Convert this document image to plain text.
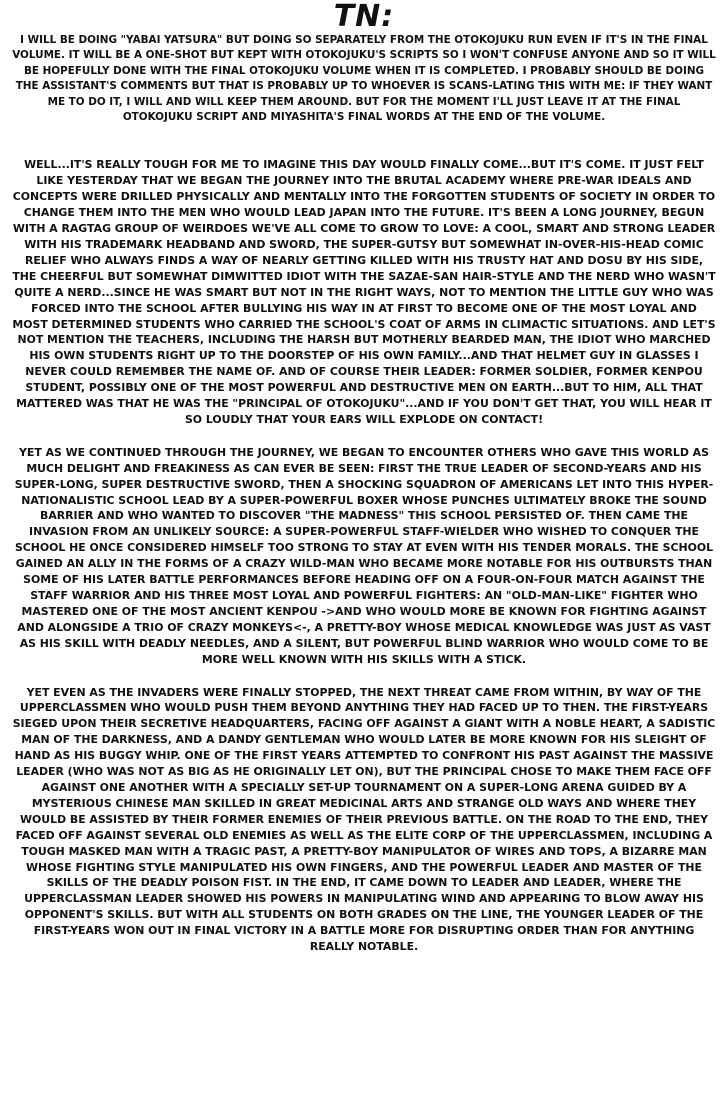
TN:

I WILL BE DOING "YABAI YATSURA" BUT DOING SO SEPARATELY FROM THE OTOKOJUKU RUN EVEN IF IT'S IN THE FINAL VOLUME. IT WILL BE A ONE-SHOT BUT KEPT WITH OTOKOJUKU'S SCRIPTS SO I WON'T CONFUSE ANYONE AND SO IT WILL BE HOPEFULLY DONE WITH THE FINAL OTOKOJUKU VOLUME WHEN IT IS COMPLETED. I PROBABLY SHOULD BE DOING THE ASSISTANT'S COMMENTS BUT THAT IS PROBABLY UP TO WHOEVER IS SCANS-LATING THIS WITH ME: IF THEY WANT ME TO DO IT, I WILL AND WILL KEEP THEM AROUND. BUT FOR THE MOMENT I'LL JUST LEAVE IT AT THE FINAL OTOKOJUKU SCRIPT AND MIYASHITA'S FINAL WORDS AT THE END OF THE VOLUME.

WELL...IT'S REALLY TOUGH FOR ME TO IMAGINE THIS DAY WOULD FINALLY COME...BUT IT'S COME. IT JUST FELT LIKE YESTERDAY THAT WE BEGAN THE JOURNEY INTO THE BRUTAL ACADEMY WHERE PRE-WAR IDEALS AND CONCEPTS WERE DRILLED PHYSICALLY AND MENTALLY INTO THE FORGOTTEN STUDENTS OF SOCIETY IN ORDER TO CHANGE THEM INTO THE MEN WHO WOULD LEAD JAPAN INTO THE FUTURE. IT'S BEEN A LONG JOURNEY, BEGUN WITH A RAGTAG GROUP OF WEIRDOES WE'VE ALL COME TO GROW TO LOVE: A COOL, SMART AND STRONG LEADER WITH HIS TRADEMARK HEADBAND AND SWORD, THE SUPER-GUTSY BUT SOMEWHAT IN-OVER-HIS-HEAD COMIC RELIEF WHO ALWAYS FINDS A WAY OF NEARLY GETTING KILLED WITH HIS TRUSTY HAT AND DOSU BY HIS SIDE, THE CHEERFUL BUT SOMEWHAT DIMWITTED IDIOT WITH THE SAZAE-SAN HAIR-STYLE AND THE NERD WHO WASN'T QUITE A NERD...SINCE HE WAS SMART BUT NOT IN THE RIGHT WAYS, NOT TO MENTION THE LITTLE GUY WHO WAS FORCED INTO THE SCHOOL AFTER BULLYING HIS WAY IN AT FIRST TO BECOME ONE OF THE MOST LOYAL AND MOST DETERMINED STUDENTS WHO CARRIED THE SCHOOL'S COAT OF ARMS IN CLIMACTIC SITUATIONS. AND LET'S NOT MENTION THE TEACHERS, INCLUDING THE HARSH BUT MOTHERLY BEARDED MAN, THE IDIOT WHO MARCHED HIS OWN STUDENTS RIGHT UP TO THE DOORSTEP OF HIS OWN FAMILY...AND THAT HELMET GUY IN GLASSES I NEVER COULD REMEMBER THE NAME OF. AND OF COURSE THEIR LEADER: FORMER SOLDIER, FORMER KENPOU STUDENT, POSSIBLY ONE OF THE MOST POWERFUL AND DESTRUCTIVE MEN ON EARTH...BUT TO HIM, ALL THAT MATTERED WAS THAT HE WAS THE "PRINCIPAL OF OTOKOJUKU"...AND IF YOU DON'T GET THAT, YOU WILL HEAR IT SO LOUDLY THAT YOUR EARS WILL EXPLODE ON CONTACT!

YET AS WE CONTINUED THROUGH THE JOURNEY, WE BEGAN TO ENCOUNTER OTHERS WHO GAVE THIS WORLD AS MUCH DELIGHT AND FREAKINESS AS CAN EVER BE SEEN: FIRST THE TRUE LEADER OF SECOND-YEARS AND HIS SUPER-LONG, SUPER DESTRUCTIVE SWORD, THEN A SHOCKING SQUADRON OF AMERICANS LET INTO THIS HYPER-NATIONALISTIC SCHOOL LEAD BY A SUPER-POWERFUL BOXER WHOSE PUNCHES ULTIMATELY BROKE THE SOUND BARRIER AND WHO WANTED TO DISCOVER "THE MADNESS" THIS SCHOOL PERSISTED OF. THEN CAME THE INVASION FROM AN UNLIKELY SOURCE: A SUPER-POWERFUL STAFF-WIELDER WHO WISHED TO CONQUER THE SCHOOL HE ONCE CONSIDERED HIMSELF TOO STRONG TO STAY AT EVEN WITH HIS TENDER MORALS. THE SCHOOL GAINED AN ALLY IN THE FORMS OF A CRAZY WILD-MAN WHO BECAME MORE NOTABLE FOR HIS OUTBURSTS THAN SOME OF HIS LATER BATTLE PERFORMANCES BEFORE HEADING OFF ON A FOUR-ON-FOUR MATCH AGAINST THE STAFF WARRIOR AND HIS THREE MOST LOYAL AND POWERFUL FIGHTERS: AN "OLD-MAN-LIKE" FIGHTER WHO MASTERED ONE OF THE MOST ANCIENT KENPOU ->AND WHO WOULD MORE BE KNOWN FOR FIGHTING AGAINST AND ALONGSIDE A TRIO OF CRAZY MONKEYS<-, A PRETTY-BOY WHOSE MEDICAL KNOWLEDGE WAS JUST AS VAST AS HIS SKILL WITH DEADLY NEEDLES, AND A SILENT, BUT POWERFUL BLIND WARRIOR WHO WOULD COME TO BE MORE WELL KNOWN WITH HIS SKILLS WITH A STICK.

YET EVEN AS THE INVADERS WERE FINALLY STOPPED, THE NEXT THREAT CAME FROM WITHIN, BY WAY OF THE UPPERCLASSMEN WHO WOULD PUSH THEM BEYOND ANYTHING THEY HAD FACED UP TO THEN. THE FIRST-YEARS SIEGED UPON THEIR SECRETIVE HEADQUARTERS, FACING OFF AGAINST A GIANT WITH A NOBLE HEART, A SADISTIC MAN OF THE DARKNESS, AND A DANDY GENTLEMAN WHO WOULD LATER BE MORE KNOWN FOR HIS SLEIGHT OF HAND AS HIS BUGGY WHIP. ONE OF THE FIRST YEARS ATTEMPTED TO CONFRONT HIS PAST AGAINST THE MASSIVE LEADER (WHO WAS NOT AS BIG AS HE ORIGINALLY LET ON), BUT THE PRINCIPAL CHOSE TO MAKE THEM FACE OFF AGAINST ONE ANOTHER WITH A SPECIALLY SET-UP TOURNAMENT ON A SUPER-LONG ARENA GUIDED BY A MYSTERIOUS CHINESE MAN SKILLED IN GREAT MEDICINAL ARTS AND STRANGE OLD WAYS AND WHERE THEY WOULD BE ASSISTED BY THEIR FORMER ENEMIES OF THEIR PREVIOUS BATTLE. ON THE ROAD TO THE END, THEY FACED OFF AGAINST SEVERAL OLD ENEMIES AS WELL AS THE ELITE CORP OF THE UPPERCLASSMEN, INCLUDING A TOUGH MASKED MAN WITH A TRAGIC PAST, A PRETTY-BOY MANIPULATOR OF WIRES AND TOPS, A BIZARRE MAN WHOSE FIGHTING STYLE MANIPULATED HIS OWN FINGERS, AND THE POWERFUL LEADER AND MASTER OF THE SKILLS OF THE DEADLY POISON FIST. IN THE END, IT CAME DOWN TO LEADER AND LEADER, WHERE THE UPPERCLASSMAN LEADER SHOWED HIS POWERS IN MANIPULATING WIND AND APPEARING TO BLOW AWAY HIS OPPONENT'S SKILLS. BUT WITH ALL STUDENTS ON BOTH GRADES ON THE LINE, THE YOUNGER LEADER OF THE FIRST-YEARS WON OUT IN FINAL VICTORY IN A BATTLE MORE FOR DISRUPTING ORDER THAN FOR ANYTHING REALLY NOTABLE.
